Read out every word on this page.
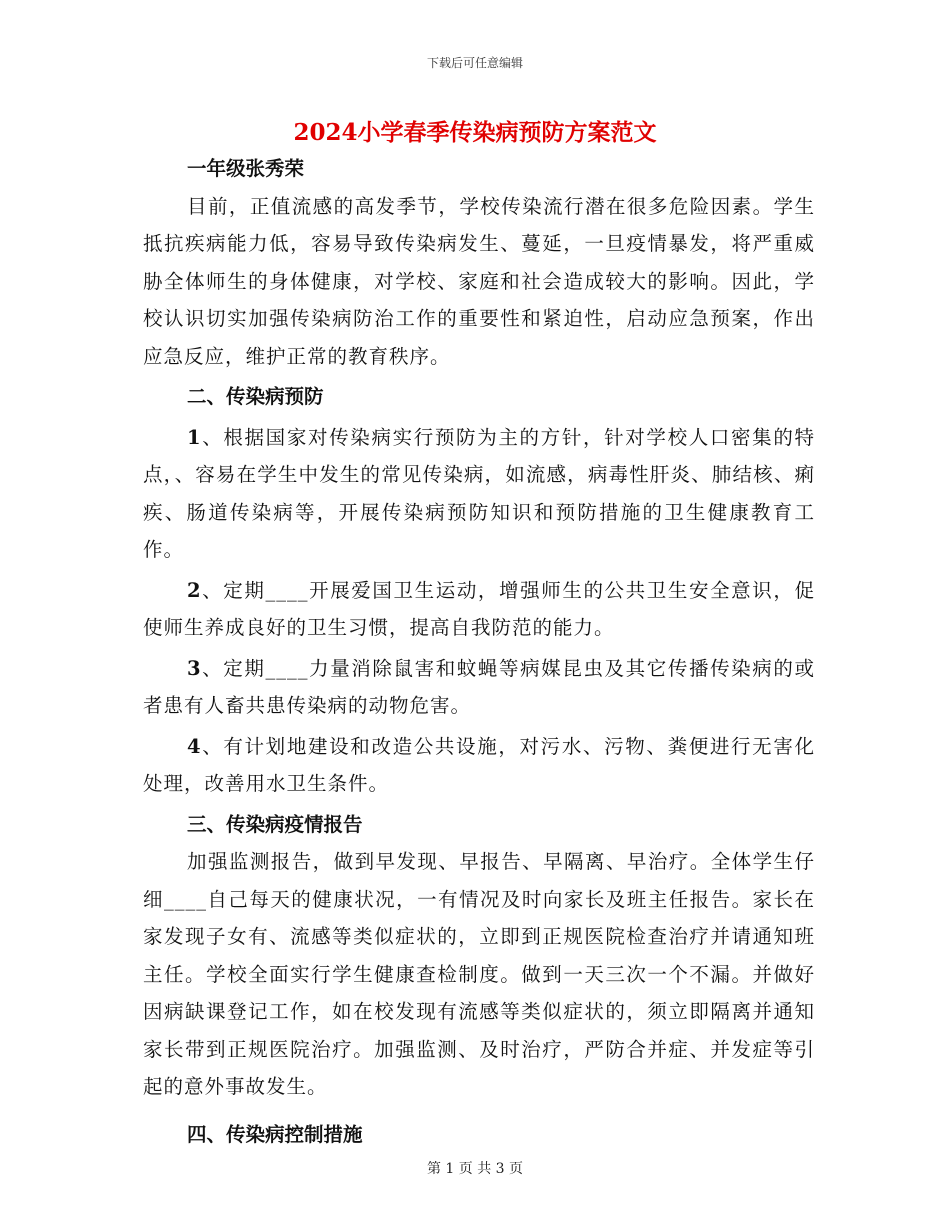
下载后可任意编辑
2024小学春季传染病预防方案范文

一年级张秀荣

目前，正值流感的高发季节，学校传染流行潜在很多危险因素。学生抵抗疾病能力低，容易导致传染病发生、蔓延，一旦疫情暴发，将严重威胁全体师生的身体健康，对学校、家庭和社会造成较大的影响。因此，学校认识切实加强传染病防治工作的重要性和紧迫性，启动应急预案，作出应急反应，维护正常的教育秩序。

二、传染病预防

1、根据国家对传染病实行预防为主的方针，针对学校人口密集的特点，、容易在学生中发生的常见传染病，如流感，病毒性肝炎、肺结核、痢疾、肠道传染病等，开展传染病预防知识和预防措施的卫生健康教育工作。

2、定期____开展爱国卫生运动，增强师生的公共卫生安全意识，促使师生养成良好的卫生习惯，提高自我防范的能力。

3、定期____力量消除鼠害和蚊蝇等病媒昆虫及其它传播传染病的或者患有人畜共患传染病的动物危害。

4、有计划地建设和改造公共设施，对污水、污物、粪便进行无害化处理，改善用水卫生条件。

三、传染病疫情报告

加强监测报告，做到早发现、早报告、早隔离、早治疗。全体学生仔细____自己每天的健康状况，一有情况及时向家长及班主任报告。家长在家发现子女有、流感等类似症状的，立即到正规医院检查治疗并请通知班主任。学校全面实行学生健康查检制度。做到一天三次一个不漏。并做好因病缺课登记工作，如在校发现有流感等类似症状的，须立即隔离并通知家长带到正规医院治疗。加强监测、及时治疗，严防合并症、并发症等引起的意外事故发生。

四、传染病控制措施

第 1 页 共 3 页
